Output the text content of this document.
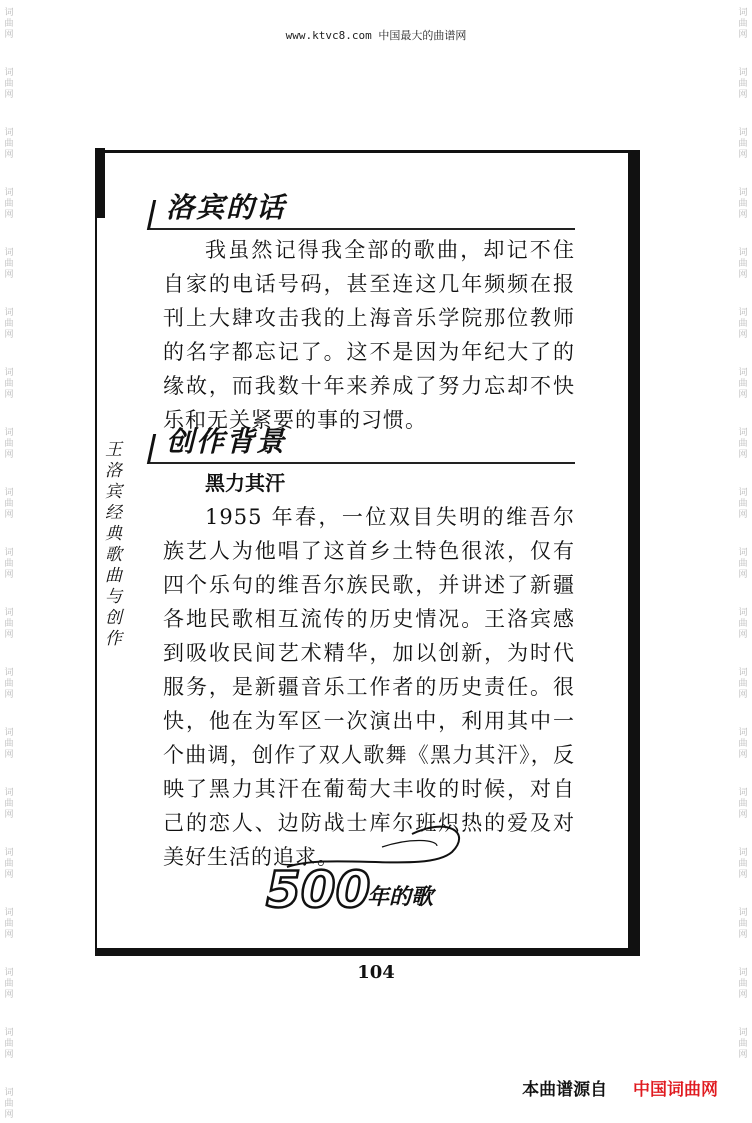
词曲网
词曲网
词曲网
词曲网
词曲网
词曲网
词曲网
词曲网
词曲网
词曲网
词曲网
词曲网
词曲网
词曲网
词曲网
词曲网
词曲网
词曲网
词曲网
词曲网
词曲网
词曲网
词曲网
词曲网
词曲网
词曲网
词曲网
词曲网
词曲网
词曲网
词曲网
词曲网
词曲网
词曲网
词曲网
词曲网
词曲网
www.ktvc8.com 中国最大的曲谱网
洛宾的话

我虽然记得我全部的歌曲，却记不住自家的电话号码，甚至连这几年频频在报刊上大肆攻击我的上海音乐学院那位教师的名字都忘记了。这不是因为年纪大了的缘故，而我数十年来养成了努力忘却不快乐和无关紧要的事的习惯。

创作背景
黑力其汗

1955 年春，一位双目失明的维吾尔族艺人为他唱了这首乡土特色很浓，仅有四个乐句的维吾尔族民歌，并讲述了新疆各地民歌相互流传的历史情况。王洛宾感到吸收民间艺术精华，加以创新，为时代服务，是新疆音乐工作者的历史责任。很快，他在为军区一次演出中，利用其中一个曲调，创作了双人歌舞《黑力其汗》，反映了黑力其汗在葡萄大丰收的时候，对自己的恋人、边防战士库尔班炽热的爱及对美好生活的追求。

王洛宾经典歌曲与创作
500
年的歌
104
本曲谱源自 中国词曲网
